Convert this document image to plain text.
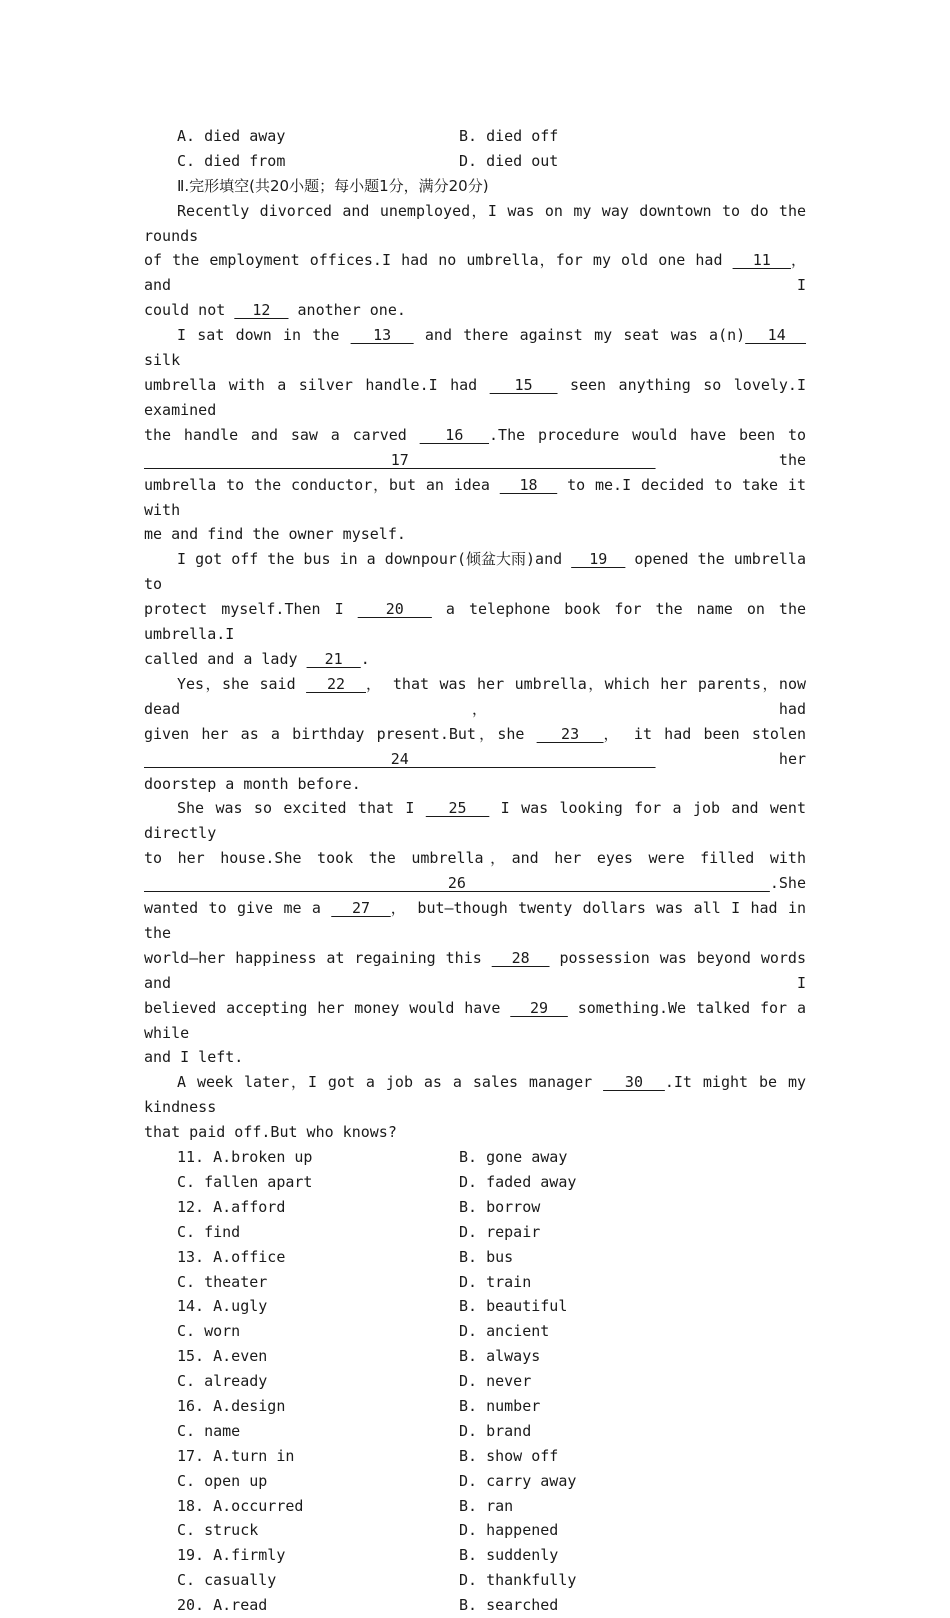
A. died away	B. died off
C. died from	D. died out
Ⅱ.完形填空(共20小题；每小题1分，满分20分)
Recently divorced and unemployed，I was on my way downtown to do the rounds
of the employment offices.I had no umbrella，for my old one had   11  ， and I
could not   12   another one.
I sat down in the   13   and there against my seat was a(n)  14   silk
umbrella with a silver handle.I had   15   seen anything so lovely.I examined
the handle and saw a carved   16  .The procedure would have been to   17   the
umbrella to the conductor，but an idea   18   to me.I decided to take it with
me and find the owner myself.
I got off the bus in a downpour(倾盆大雨)and   19   opened the umbrella to
protect myself.Then I   20   a telephone book for the name on the umbrella.I
called and a lady   21  .
Yes，she said   22  ， that was her umbrella，which her parents，now dead，had
given her as a birthday present.But，she   23  ， it had been stolen   24   her
doorstep a month before.
She was so excited that I   25   I was looking for a job and went directly
to her house.She took the umbrella，and her eyes were filled with   26  .She
wanted to give me a   27  ， but—though twenty dollars was all I had in the
world—her happiness at regaining this   28   possession was beyond words and I
believed accepting her money would have   29   something.We talked for a while
and I left.
A week later，I got a job as a sales manager   30  .It might be my kindness
that paid off.But who knows?
11. A.broken up	B. gone away
C. fallen apart	D. faded away
12. A.afford	B. borrow
C. find	D. repair
13. A.office	B. bus
C. theater	D. train
14. A.ugly	B. beautiful
C. worn	D. ancient
15. A.even	B. always
C. already	D. never
16. A.design	B. number
C. name	D. brand
17. A.turn in	B. show off
C. open up	D. carry away
18. A.occurred	B. ran
C. struck	D. happened
19. A.firmly	B. suddenly
C. casually	D. thankfully
20. A.read	B. searched
